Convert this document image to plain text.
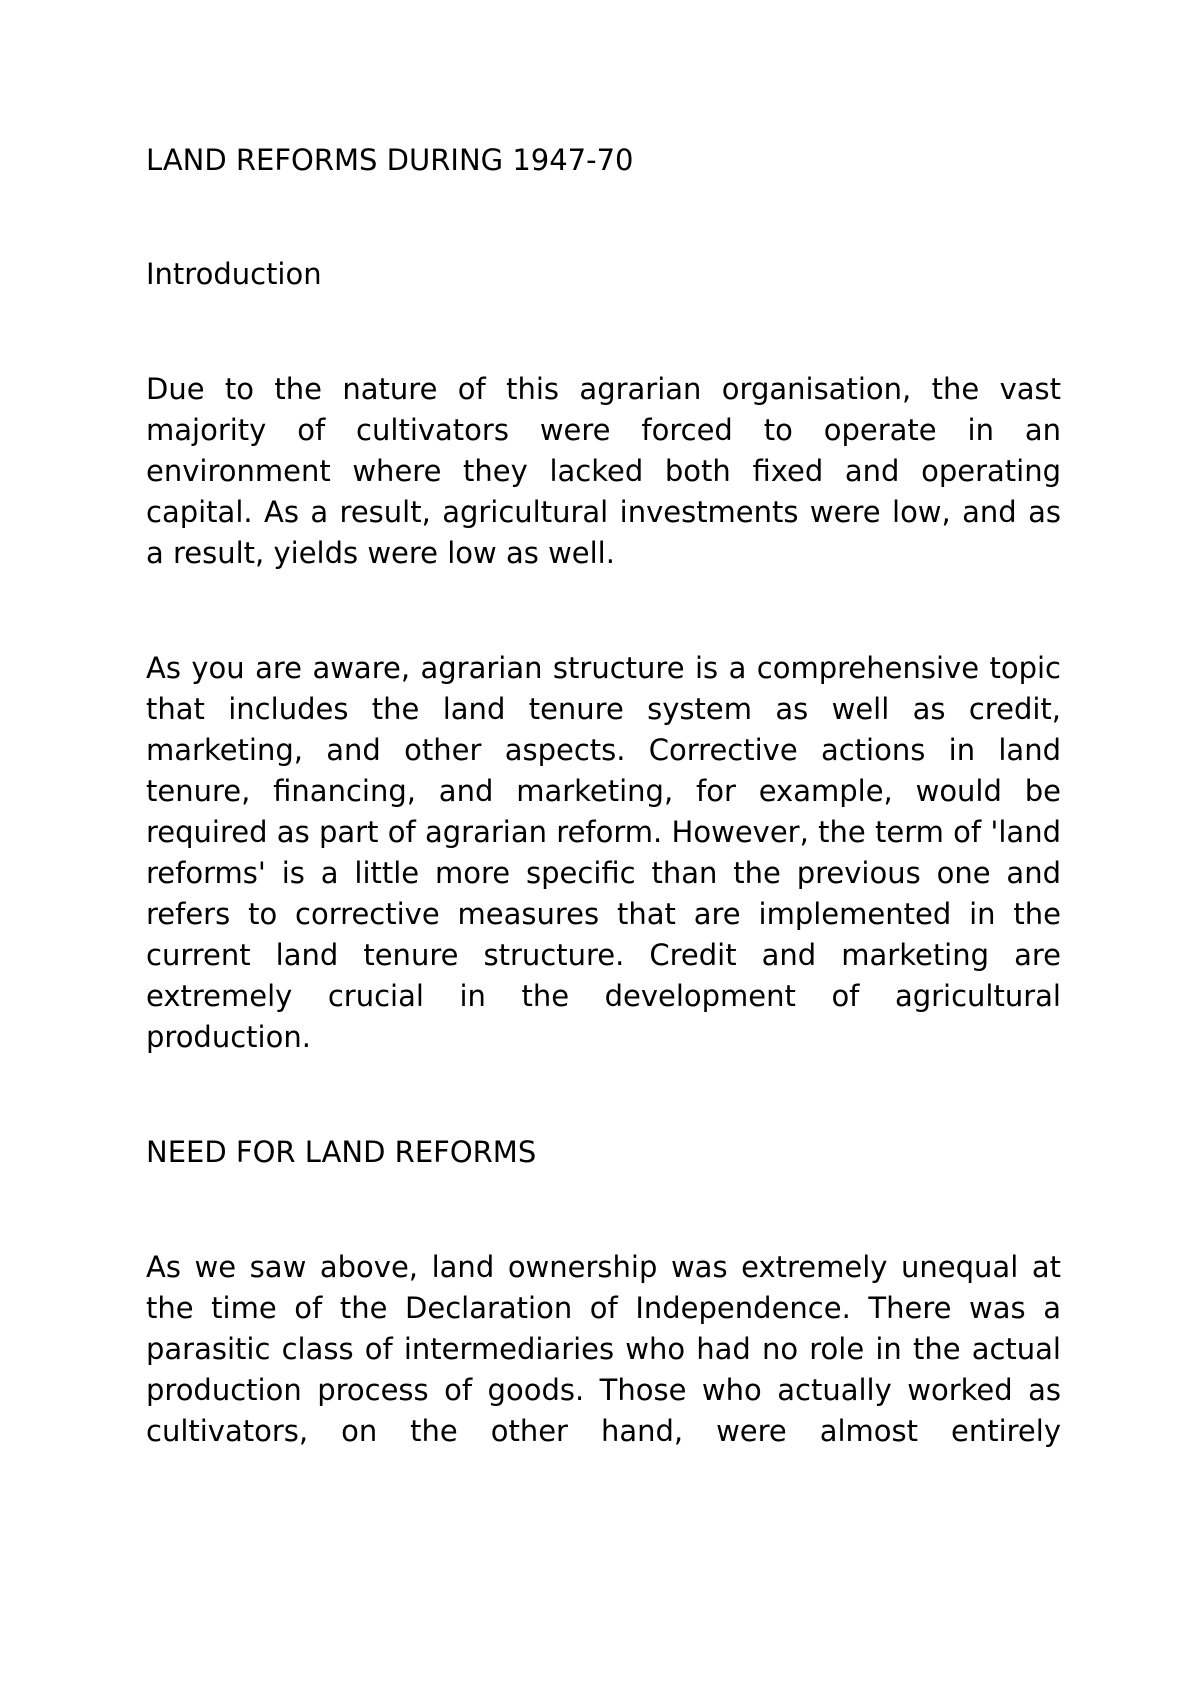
LAND REFORMS DURING 1947-70
Introduction

Due to the nature of this agrarian organisation, the vast majority of cultivators were forced to operate in an environment where they lacked both fixed and operating capital. As a result, agricultural investments were low, and as a result, yields were low as well.

As you are aware, agrarian structure is a comprehensive topic that includes the land tenure system as well as credit, marketing, and other aspects. Corrective actions in land tenure, financing, and marketing, for example, would be required as part of agrarian reform. However, the term of 'land reforms' is a little more specific than the previous one and refers to corrective measures that are implemented in the current land tenure structure. Credit and marketing are extremely crucial in the development of agricultural production.

NEED FOR LAND REFORMS

As we saw above, land ownership was extremely unequal at the time of the Declaration of Independence. There was a parasitic class of intermediaries who had no role in the actual production process of goods. Those who actually worked as cultivators, on the other hand, were almost entirely
